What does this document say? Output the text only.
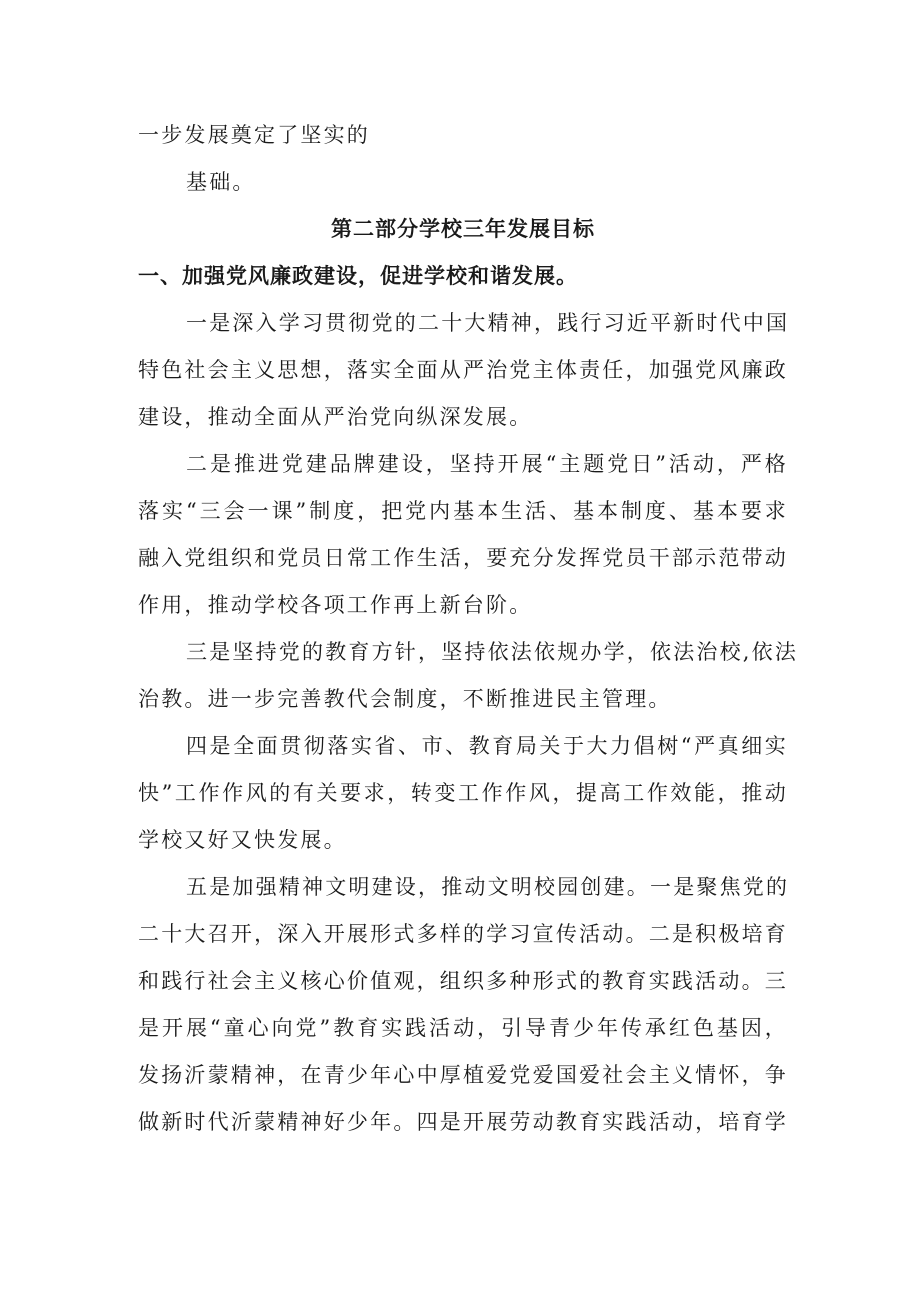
一步发展奠定了坚实的
基础。
第二部分学校三年发展目标
一、加强党风廉政建设，促进学校和谐发展。
一是深入学习贯彻党的二十大精神，践行习近平新时代中国
特色社会主义思想，落实全面从严治党主体责任，加强党风廉政
建设，推动全面从严治党向纵深发展。
二是推进党建品牌建设，坚持开展“主题党日”活动，严格
落实“三会一课”制度，把党内基本生活、基本制度、基本要求
融入党组织和党员日常工作生活，要充分发挥党员干部示范带动
作用，推动学校各项工作再上新台阶。
三是坚持党的教育方针，坚持依法依规办学，依法治校,依法
治教。进一步完善教代会制度，不断推进民主管理。
四是全面贯彻落实省、市、教育局关于大力倡树“严真细实
快”工作作风的有关要求，转变工作作风，提高工作效能，推动
学校又好又快发展。
五是加强精神文明建设，推动文明校园创建。一是聚焦党的
二十大召开，深入开展形式多样的学习宣传活动。二是积极培育
和践行社会主义核心价值观，组织多种形式的教育实践活动。三
是开展“童心向党”教育实践活动，引导青少年传承红色基因，
发扬沂蒙精神，在青少年心中厚植爱党爱国爱社会主义情怀，争
做新时代沂蒙精神好少年。四是开展劳动教育实践活动，培育学
